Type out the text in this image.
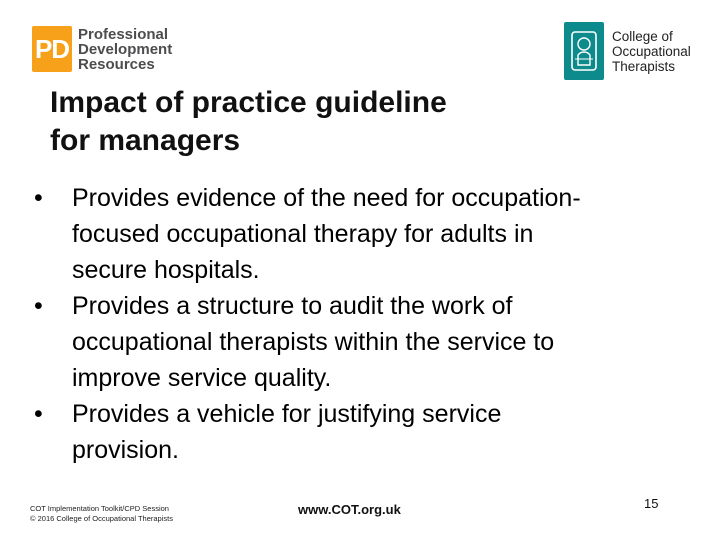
PD Professional
Development
Resources
College of
Occupational
Therapists
Impact of practice guideline
for managers
• Provides evidence of the need for occupation-
focused occupational therapy for adults in
secure hospitals.
• Provides a structure to audit the work of
occupational therapists within the service to
improve service quality.
• Provides a vehicle for justifying service
provision.
COT Implementation Toolkit/CPD Session
© 2016 College of Occupational Therapists
www.COT.org.uk	15
